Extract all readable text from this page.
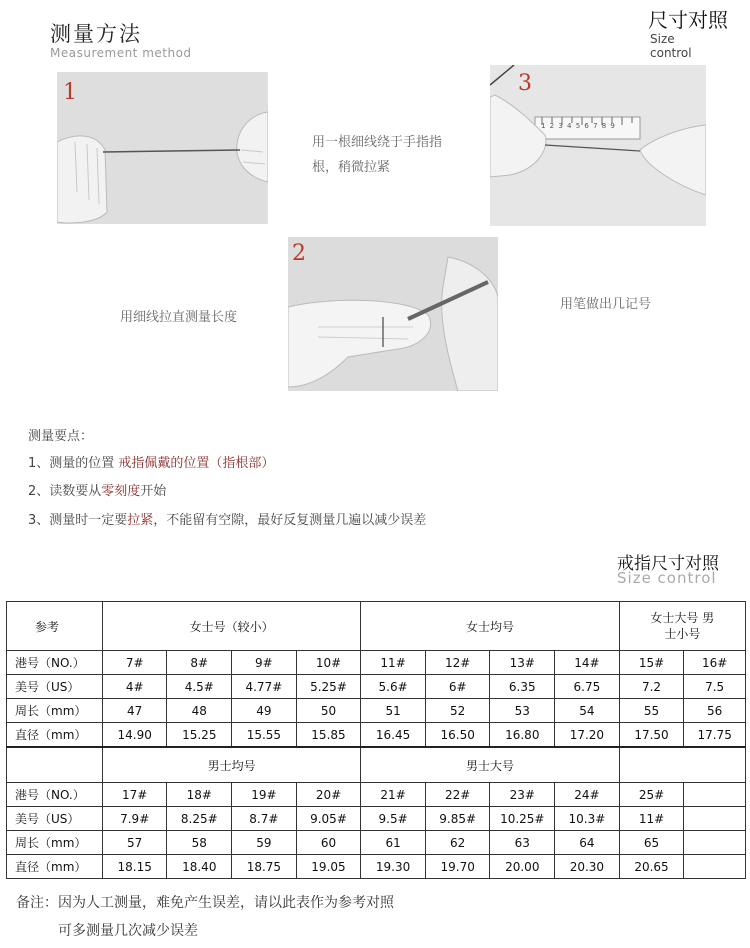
测量方法
Measurement method
尺寸对照
Size
control
1	3
1 2 3 4 5 6 7 8 9
用一根细线绕于手指指根，稍微拉紧
用细线拉直测量长度
用笔做出几记号
2
测量要点：
1、测量的位置 戒指佩戴的位置（指根部）
2、读数要从零刻度开始
3、测量时一定要拉紧，不能留有空隙，最好反复测量几遍以减少误差
戒指尺寸对照
Size control
参考	女士号（较小）				女士均号				女士大号 男士小号	
港号（NO.）	7#	8#	9#	10#	11#	12#	13#	14#	15#	16#
美号（US）	4#	4.5#	4.77#	5.25#	5.6#	6#	6.35	6.75	7.2	7.5
周长（mm）	47	48	49	50	51	52	53	54	55	56
直径（mm）	14.90	15.25	15.55	15.85	16.45	16.50	16.80	17.20	17.50	17.75
	男士均号				男士大号					
港号（NO.）	17#	18#	19#	20#	21#	22#	23#	24#	25#	
美号（US）	7.9#	8.25#	8.7#	9.05#	9.5#	9.85#	10.25#	10.3#	11#	
周长（mm）	57	58	59	60	61	62	63	64	65	
直径（mm）	18.15	18.40	18.75	19.05	19.30	19.70	20.00	20.30	20.65	
备注：因为人工测量，难免产生误差，请以此表作为参考对照
可多测量几次减少误差
